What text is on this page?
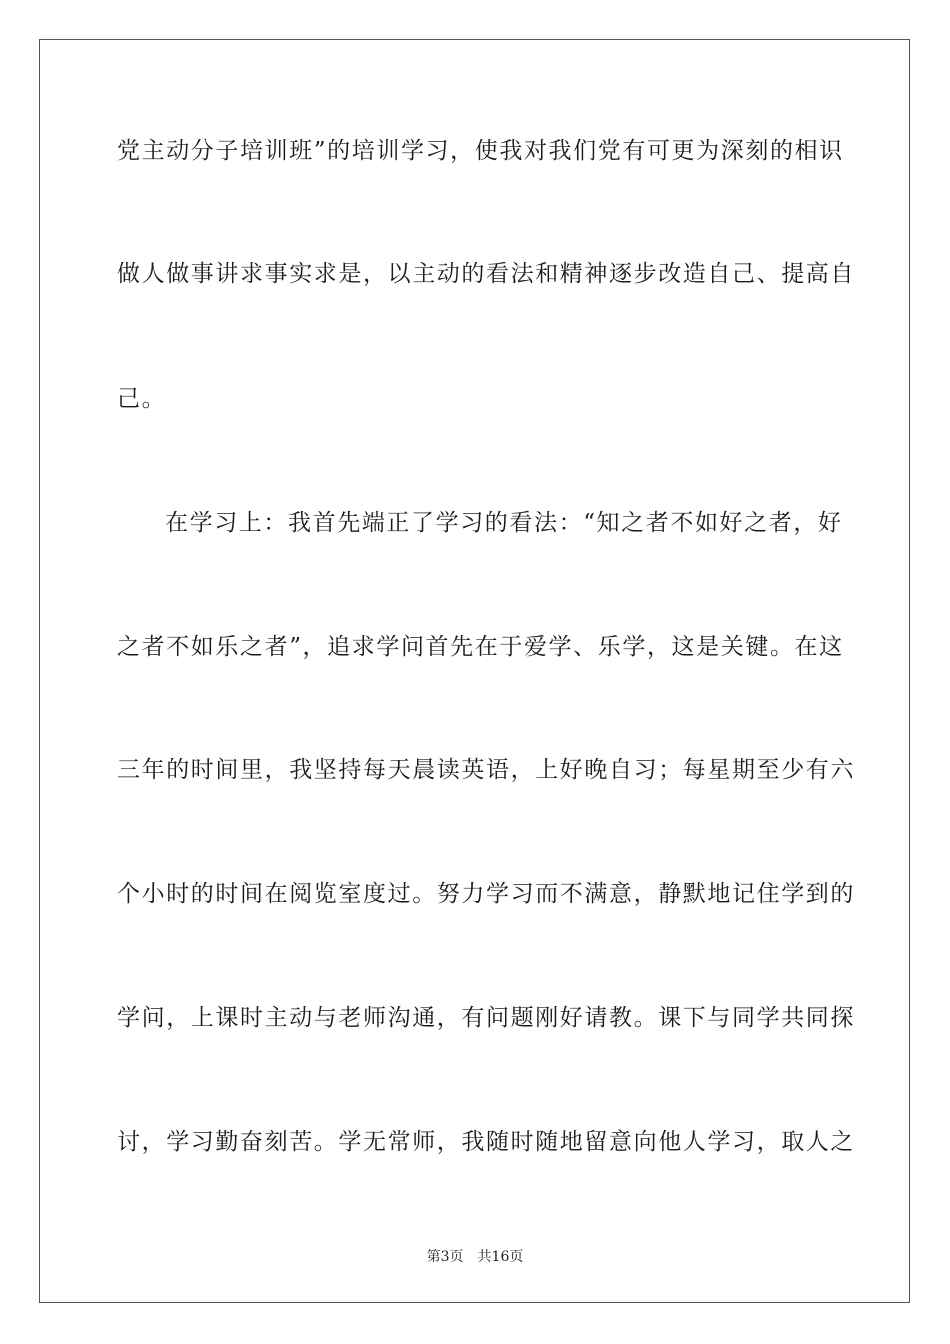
党主动分子培训班”的培训学习，使我对我们党有可更为深刻的相识
做人做事讲求事实求是，以主动的看法和精神逐步改造自己、提高自
己。
在学习上：我首先端正了学习的看法：“知之者不如好之者，好
之者不如乐之者”，追求学问首先在于爱学、乐学，这是关键。在这
三年的时间里，我坚持每天晨读英语，上好晚自习；每星期至少有六
个小时的时间在阅览室度过。努力学习而不满意，静默地记住学到的
学问，上课时主动与老师沟通，有问题刚好请教。课下与同学共同探
讨，学习勤奋刻苦。学无常师，我随时随地留意向他人学习，取人之
第3页 共16页
